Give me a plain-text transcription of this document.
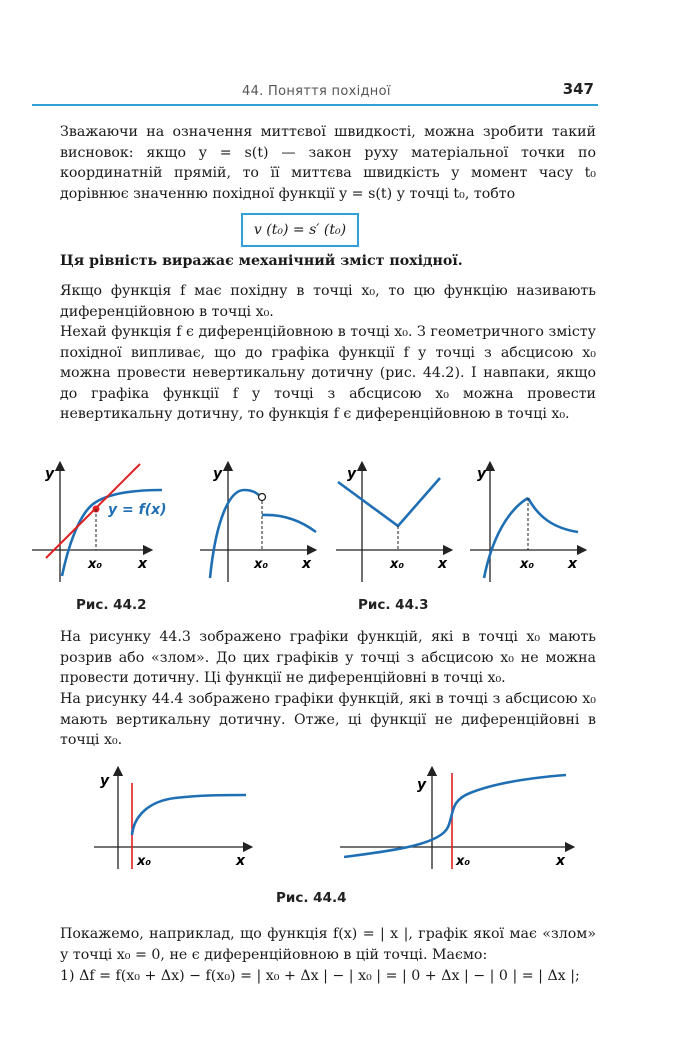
44. Поняття похідної	347

Зважаючи на означення миттєвої швидкості, можна зробити такий висновок: якщо y = s(t) — закон руху матеріальної точки по координатній прямій, то її миттєва швидкість у момент часу t₀ дорівнює значенню похідної функції y = s(t) у точці t₀, тобто

v (t₀) = s′ (t₀)

Ця рівність виражає механічний зміст похідної.

Якщо функція f має похідну в точці x₀, то цю функцію називають диференційовною в точці x₀.

Нехай функція f є диференційовною в точці x₀. З геометричного змісту похідної випливає, що до графіка функції f у точці з абсцисою x₀ можна провести невертикальну дотичну (рис. 44.2). І навпаки, якщо до графіка функції f у точці з абсцисою x₀ можна провести невертикальну дотичну, то функція f є диференційовною в точці x₀.

y
x
x₀
y = f(x)
y
x
x₀
y
x
x₀
y
x
x₀
Рис. 44.2	Рис. 44.3

На рисунку 44.3 зображено графіки функцій, які в точці x₀ мають розрив або «злом». До цих графіків у точці з абсцисою x₀ не можна провести дотичну. Ці функції не диференційовні в точці x₀.

На рисунку 44.4 зображено графіки функцій, які в точці з абсцисою x₀ мають вертикальну дотичну. Отже, ці функції не диференційовні в точці x₀.

y
x
x₀
y
x
x₀
Рис. 44.4

Покажемо, наприклад, що функція f(x) = | x |, графік якої має «злом» у точці x₀ = 0, не є диференційовною в цій точці. Маємо:

1) Δf = f(x₀ + Δx) − f(x₀) = | x₀ + Δx | − | x₀ | = | 0 + Δx | − | 0 | = | Δx |;
